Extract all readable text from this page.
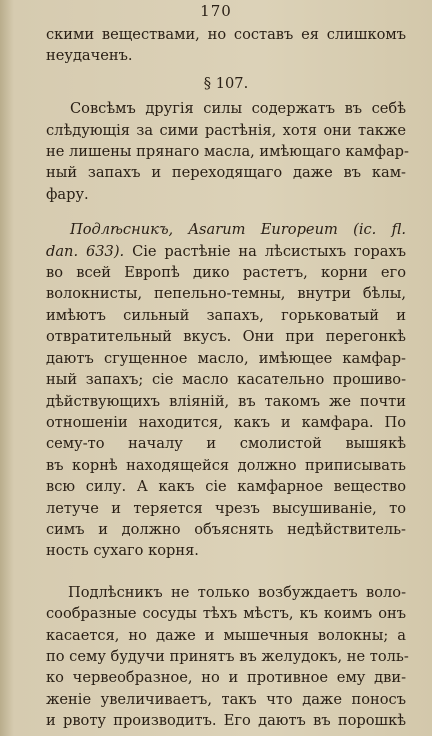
170
скими веществами, но составъ ея слишкомъ
неудаченъ.
§ 107.
Совсѣмъ другія силы содержатъ въ себѣ
слѣдующія за сими растѣнія, хотя они также
не лишены прянаго масла, имѣющаго камфар-
ный запахъ и переходящаго даже въ кам-
фару.
Подлѣсникъ, Asarum Europeum (ic. fl.
dan. 633). Сіе растѣніе на лѣсистыхъ горахъ
во всей Европѣ дико растетъ, корни его
волокнисты, пепельно-темны, внутри бѣлы,
имѣютъ сильный запахъ, горьковатый и
отвратительный вкусъ. Они при перегонкѣ
даютъ сгущенное масло, имѣющее камфар-
ный запахъ; сіе масло касательно прошиво-
дѣйствующихъ вліяній, въ такомъ же почти
отношеніи находится, какъ и камфара. По
сему-то началу и смолистой вышякѣ
въ корнѣ находящейся должно приписывать
всю силу. А какъ сіе камфарное вещество
летуче и теряется чрезъ высушиваніе, то
симъ и должно объяснять недѣйствитель-
ность сухаго корня.
Подлѣсникъ не только возбуждаетъ воло-
сообразные сосуды тѣхъ мѣстъ, къ коимъ онъ
касается, но даже и мышечныя волокны; а
по сему будучи принятъ въ желудокъ, не толь-
ко червеобразное, но и противное ему дви-
женіе увеличиваетъ, такъ что даже поносъ
и рвоту производитъ. Его даютъ въ порошкѣ
